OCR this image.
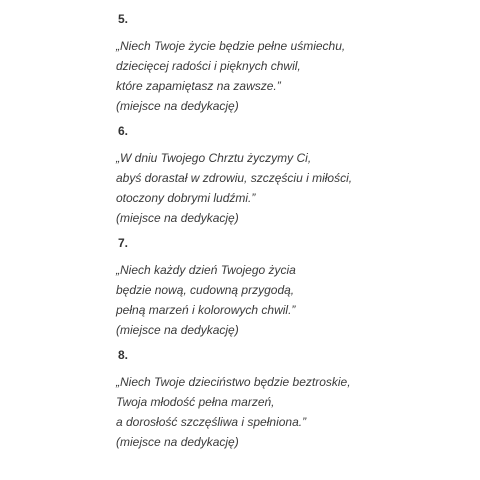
5.
„Niech Twoje życie będzie pełne uśmiechu,
dziecięcej radości i pięknych chwil,
które zapamiętasz na zawsze.”
(miejsce na dedykację)
6.
„W dniu Twojego Chrztu życzymy Ci,
abyś dorastał w zdrowiu, szczęściu i miłości,
otoczony dobrymi ludźmi.”
(miejsce na dedykację)
7.
„Niech każdy dzień Twojego życia
będzie nową, cudowną przygodą,
pełną marzeń i kolorowych chwil.”
(miejsce na dedykację)
8.
„Niech Twoje dzieciństwo będzie beztroskie,
Twoja młodość pełna marzeń,
a dorosłość szczęśliwa i spełniona.”
(miejsce na dedykację)
